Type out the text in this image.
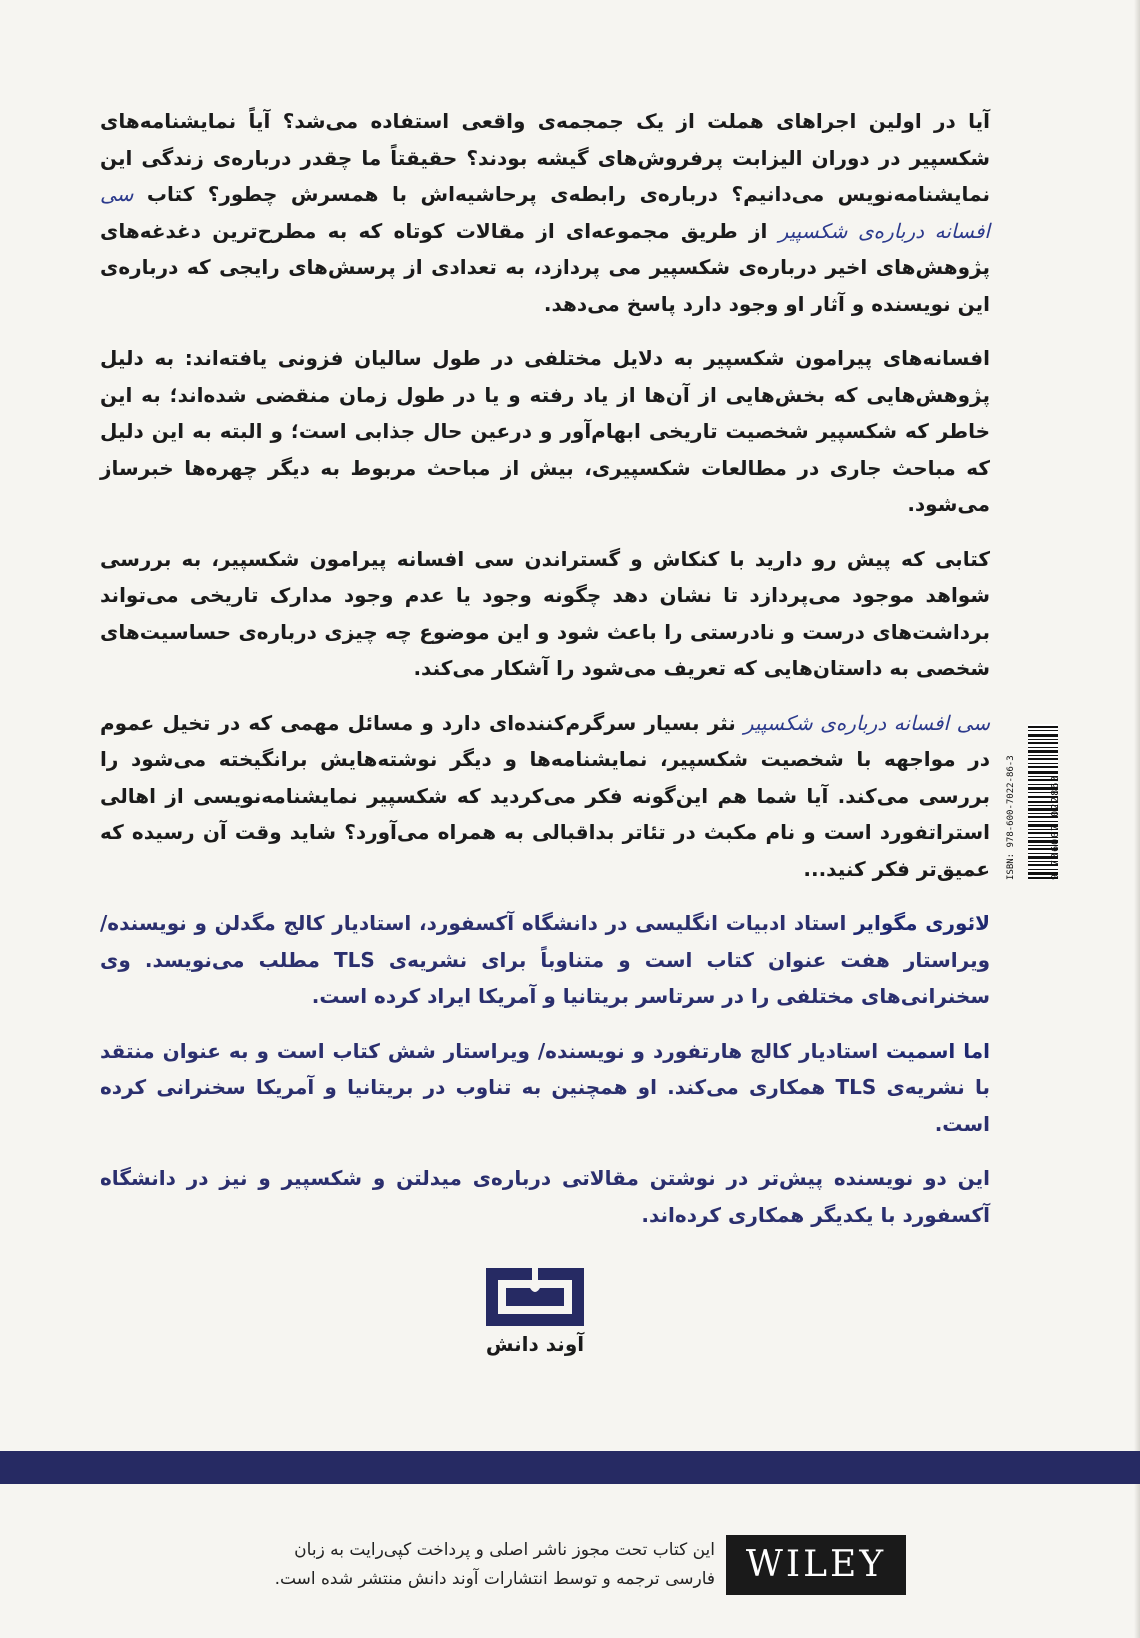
آیا در اولین اجراهای هملت از یک جمجمه‌ی واقعی استفاده می‌شد؟ آیاً نمایشنامه‌های شکسپیر در دوران الیزابت پرفروش‌های گیشه بودند؟ حقیقتاً ما چقدر درباره‌ی زندگی این نمایشنامه‌نویس می‌دانیم؟ درباره‌ی رابطه‌ی پرحاشیه‌اش با همسرش چطور؟ کتاب سی افسانه درباره‌ی شکسپیر از طریق مجموعه‌ای از مقالات کوتاه که به مطرح‌ترین دغدغه‌های پژوهش‌های اخیر درباره‌ی شکسپیر می پردازد، به تعدادی از پرسش‌های رایجی که درباره‌ی این نویسنده و آثار او وجود دارد پاسخ می‌دهد.

افسانه‌های پیرامون شکسپیر به دلایل مختلفی در طول سالیان فزونی یافته‌اند: به دلیل پژوهش‌هایی که بخش‌هایی از آن‌ها از یاد رفته و یا در طول زمان منقضی شده‌اند؛ به این خاطر که شکسپیر شخصیت تاریخی ابهام‌آور و درعین حال جذابی است؛ و البته به این دلیل که مباحث جاری در مطالعات شکسپیری، بیش از مباحث مربوط به دیگر چهره‌ها خبرساز می‌شود.

کتابی که پیش رو دارید با کنکاش و گستراندن سی افسانه پیرامون شکسپیر، به بررسی شواهد موجود می‌پردازد تا نشان دهد چگونه وجود یا عدم وجود مدارک تاریخی می‌تواند برداشت‌های درست و نادرستی را باعث شود و این موضوع چه چیزی درباره‌ی حساسیت‌های شخصی به داستان‌هایی که تعریف می‌شود را آشکار می‌کند.

سی افسانه درباره‌ی شکسپیر نثر بسیار سرگرم‌کننده‌ای دارد و مسائل مهمی که در تخیل عموم در مواجهه با شخصیت شکسپیر، نمایشنامه‌ها و دیگر نوشته‌هایش برانگیخته می‌شود را بررسی می‌کند. آیا شما هم این‌گونه فکر می‌کردید که شکسپیر نمایشنامه‌نویسی از اهالی استراتفورد است و نام مکبث در تئاتر بداقبالی به همراه می‌آورد؟ شاید وقت آن رسیده که عمیق‌تر فکر کنید...

لائوری مگوایر استاد ادبیات انگلیسی در دانشگاه آکسفورد، استادیار کالج مگدلن و نویسنده/ ویراستار هفت عنوان کتاب است و متناوباً برای نشریه‌ی TLS مطلب می‌نویسد. وی سخنرانی‌های مختلفی را در سرتاسر بریتانیا و آمریکا ایراد کرده است.

اما اسمیت استادیار کالج هارتفورد و نویسنده/ ویراستار شش کتاب است و به عنوان منتقد با نشریه‌ی TLS همکاری می‌کند. او همچنین به تناوب در بریتانیا و آمریکا سخنرانی کرده است.

این دو نویسنده پیش‌تر در نوشتن مقالاتی درباره‌ی میدلتن و شکسپیر و نیز در دانشگاه آکسفورد با یکدیگر همکاری کرده‌اند.

ISBN: 978-600-7022-86-3	9 786007 022863
آوند دانش
WILEY
این کتاب تحت مجوز ناشر اصلی و پرداخت کپی‌رایت به زبان
فارسی ترجمه و توسط انتشارات آوند دانش منتشر شده است.
